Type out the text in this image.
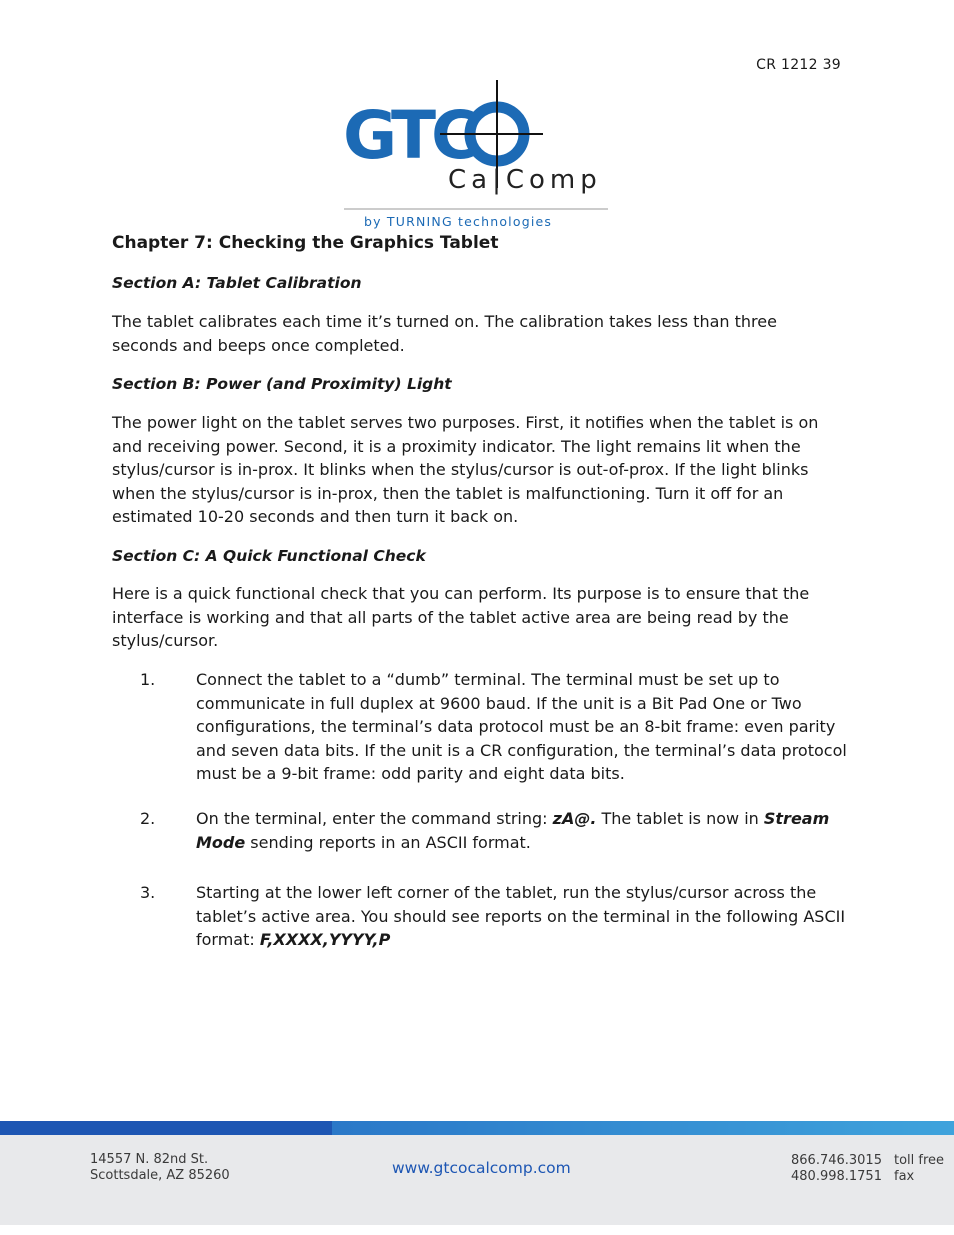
CR 1212 39
GTC
Ca|Comp
by TURNING technologies
Chapter 7: Checking the Graphics Tablet
Section A: Tablet Calibration

The tablet calibrates each time it’s turned on. The calibration takes less than three seconds and beeps once completed.

Section B: Power (and Proximity) Light

The power light on the tablet serves two purposes. First, it notifies when the tablet is on and receiving power. Second, it is a proximity indicator. The light remains lit when the stylus/cursor is in-prox. It blinks when the stylus/cursor is out-of-prox. If the light blinks when the stylus/cursor is in-prox, then the tablet is malfunctioning. Turn it off for an estimated 10-20 seconds and then turn it back on.

Section C: A Quick Functional Check

Here is a quick functional check that you can perform. Its purpose is to ensure that the interface is working and that all parts of the tablet active area are being read by the stylus/cursor.

1.	Connect the tablet to a “dumb” terminal. The terminal must be set up to communicate in full duplex at 9600 baud. If the unit is a Bit Pad One or Two configurations, the terminal’s data protocol must be an 8-bit frame: even parity and seven data bits. If the unit is a CR configuration, the terminal’s data protocol must be a 9-bit frame: odd parity and eight data bits.
2.	On the terminal, enter the command string: zA@. The tablet is now in Stream Mode sending reports in an ASCII format.
3.	Starting at the lower left corner of the tablet, run the stylus/cursor across the tablet’s active area. You should see reports on the terminal in the following ASCII format: F,XXXX,YYYY,P
14557 N. 82nd St.
Scottsdale, AZ 85260	www.gtcocalcomp.com	866.746.3015 toll free
480.998.1751 fax
